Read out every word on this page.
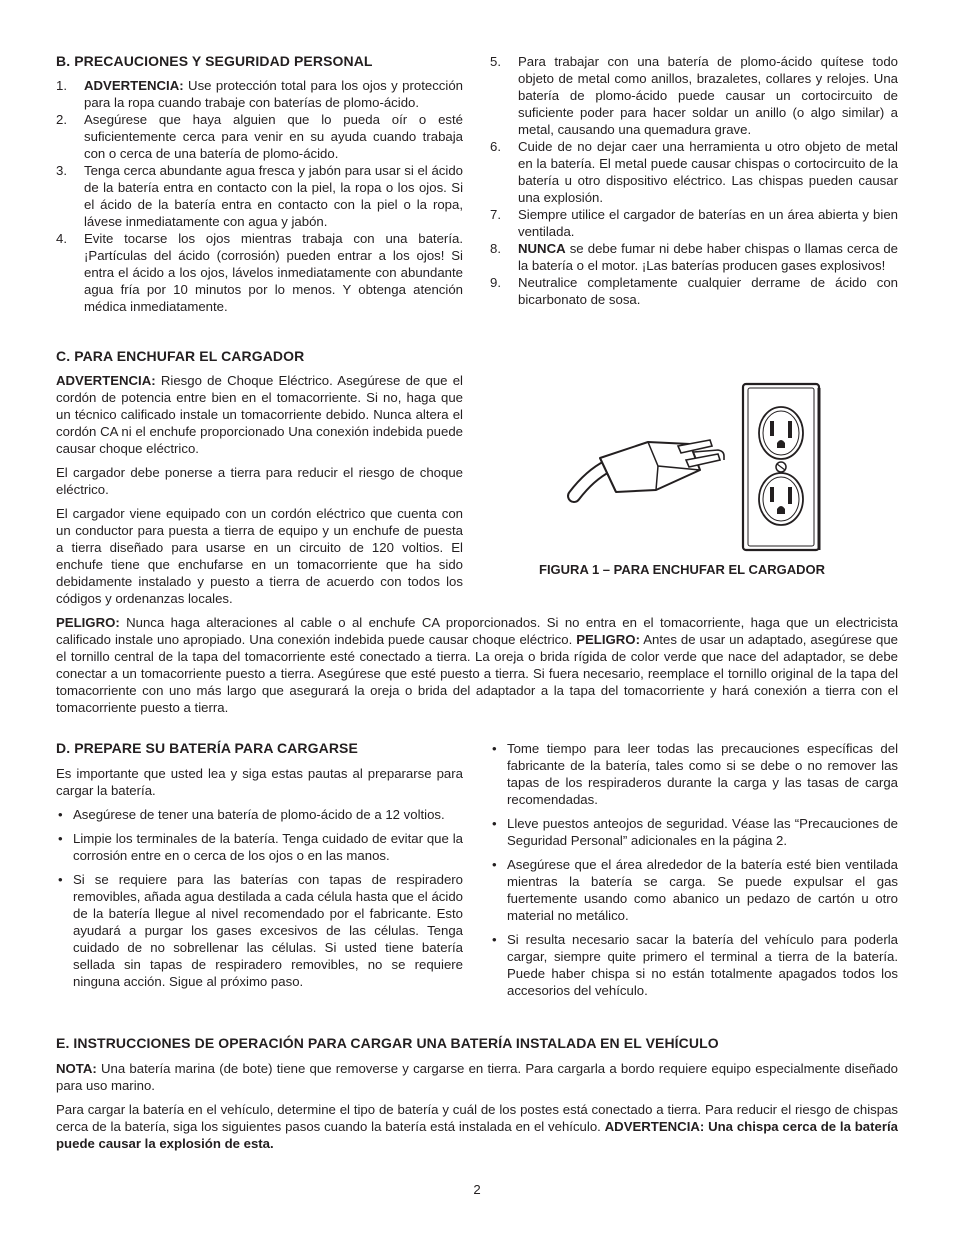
B. PRECAUCIONES Y SEGURIDAD PERSONAL
1. ADVERTENCIA: Use protección total para los ojos y protección para la ropa cuando trabaje con baterías de plomo-ácido.
2. Asegúrese que haya alguien que lo pueda oír o esté suficientemente cerca para venir en su ayuda cuando trabaja con o cerca de una batería de plomo-ácido.
3. Tenga cerca abundante agua fresca y jabón para usar si el ácido de la batería entra en contacto con la piel, la ropa o los ojos. Si el ácido de la batería entra en contacto con la piel o la ropa, lávese inmediatamente con agua y jabón.
4. Evite tocarse los ojos mientras trabaja con una batería. ¡Partículas del ácido (corrosión) pueden entrar a los ojos! Si entra el ácido a los ojos, lávelos inmediatamente con abundante agua fría por 10 minutos por lo menos. Y obtenga atención médica inmediatamente.
5. Para trabajar con una batería de plomo-ácido quítese todo objeto de metal como anillos, brazaletes, collares y relojes. Una batería de plomo-ácido puede causar un cortocircuito de suficiente poder para hacer soldar un anillo (o algo similar) a metal, causando una quemadura grave.
6. Cuide de no dejar caer una herramienta u otro objeto de metal en la batería. El metal puede causar chispas o cortocircuito de la batería u otro dispositivo eléctrico. Las chispas pueden causar una explosión.
7. Siempre utilice el cargador de baterías en un área abierta y bien ventilada.
8. NUNCA se debe fumar ni debe haber chispas o llamas cerca de la batería o el motor. ¡Las baterías producen gases explosivos!
9. Neutralice completamente cualquier derrame de ácido con bicarbonato de sosa.
C. PARA ENCHUFAR EL CARGADOR

ADVERTENCIA: Riesgo de Choque Eléctrico. Asegúrese de que el cordón de potencia entre bien en el tomacorriente. Si no, haga que un técnico calificado instale un tomacorriente debido. Nunca altera el cordón CA ni el enchufe proporcionado Una conexión indebida puede causar choque eléctrico.

El cargador debe ponerse a tierra para reducir el riesgo de choque eléctrico.

El cargador viene equipado con un cordón eléctrico que cuenta con un conductor para puesta a tierra de equipo y un enchufe de puesta a tierra diseñado para usarse en un circuito de 120 voltios. El enchufe tiene que enchufarse en un tomacorriente que ha sido debidamente instalado y puesto a tierra de acuerdo con todos los códigos y ordenanzas locales.

FIGURA 1 – PARA ENCHUFAR EL CARGADOR

PELIGRO: Nunca haga alteraciones al cable o al enchufe CA proporcionados. Si no entra en el tomacorriente, haga que un electricista calificado instale uno apropiado. Una conexión indebida puede causar choque eléctrico. PELIGRO: Antes de usar un adaptado, asegúrese que el tornillo central de la tapa del tomacorriente esté conectado a tierra. La oreja o brida rígida de color verde que nace del adaptador, se debe conectar a un tomacorriente puesto a tierra. Asegúrese que esté puesto a tierra. Si fuera necesario, reemplace el tornillo original de la tapa del tomacorriente con uno más largo que asegurará la oreja o brida del adaptador a la tapa del tomacorriente y hará conexión a tierra con el tomacorriente puesto a tierra.

D. PREPARE SU BATERÍA PARA CARGARSE

Es importante que usted lea y siga estas pautas al prepararse para cargar la batería.

• Asegúrese de tener una batería de plomo-ácido de a 12 voltios.
• Limpie los terminales de la batería. Tenga cuidado de evitar que la corrosión entre en o cerca de los ojos o en las manos.
• Si se requiere para las baterías con tapas de respiradero removibles, añada agua destilada a cada célula hasta que el ácido de la batería llegue al nivel recomendado por el fabricante. Esto ayudará a purgar los gases excesivos de las células. Tenga cuidado de no sobrellenar las células. Si usted tiene batería sellada sin tapas de respiradero removibles, no se requiere ninguna acción. Sigue al próximo paso.
• Tome tiempo para leer todas las precauciones específicas del fabricante de la batería, tales como si se debe o no remover las tapas de los respiraderos durante la carga y las tasas de carga recomendadas.
• Lleve puestos anteojos de seguridad. Véase las “Precauciones de Seguridad Personal” adicionales en la página 2.
• Asegúrese que el área alrededor de la batería esté bien ventilada mientras la batería se carga. Se puede expulsar el gas fuertemente usando como abanico un pedazo de cartón u otro material no metálico.
• Si resulta necesario sacar la batería del vehículo para poderla cargar, siempre quite primero el terminal a tierra de la batería. Puede haber chispa si no están totalmente apagados todos los accesorios del vehículo.
E. INSTRUCCIONES DE OPERACIÓN PARA CARGAR UNA BATERÍA INSTALADA EN EL VEHÍCULO

NOTA: Una batería marina (de bote) tiene que removerse y cargarse en tierra. Para cargarla a bordo requiere equipo especialmente diseñado para uso marino.

Para cargar la batería en el vehículo, determine el tipo de batería y cuál de los postes está conectado a tierra. Para reducir el riesgo de chispas cerca de la batería, siga los siguientes pasos cuando la batería está instalada en el vehículo. ADVERTENCIA: Una chispa cerca de la batería puede causar la explosión de esta.

2
